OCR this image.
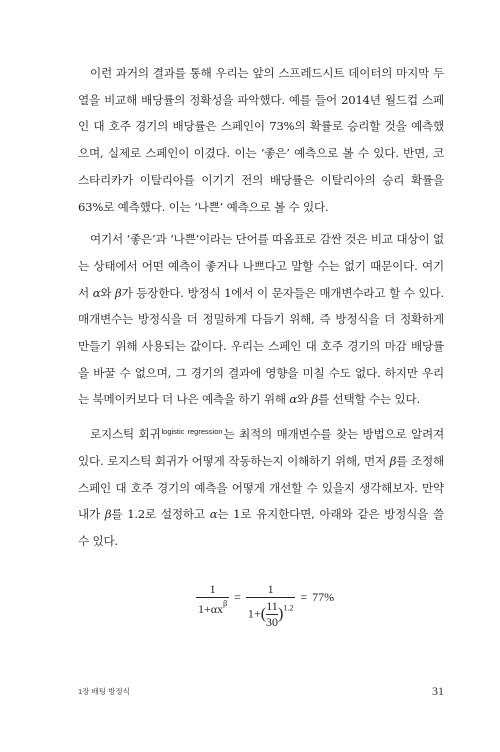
이런 과거의 결과를 통해 우리는 앞의 스프레드시트 데이터의 마지막 두 열을 비교해 배당률의 정확성을 파악했다. 예를 들어 2014년 월드컵 스페인 대 호주 경기의 배당률은 스페인이 73%의 확률로 승리할 것을 예측했으며, 실제로 스페인이 이겼다. 이는 ‘좋은’ 예측으로 볼 수 있다. 반면, 코스타리카가 이탈리아를 이기기 전의 배당률은 이탈리아의 승리 확률을 63%로 예측했다. 이는 ‘나쁜’ 예측으로 볼 수 있다.

여기서 ‘좋은’과 ‘나쁜’이라는 단어를 따옴표로 감싼 것은 비교 대상이 없는 상태에서 어떤 예측이 좋거나 나쁘다고 말할 수는 없기 때문이다. 여기서 α와 β가 등장한다. 방정식 1에서 이 문자들은 매개변수라고 할 수 있다. 매개변수는 방정식을 더 정밀하게 다듬기 위해, 즉 방정식을 더 정확하게 만들기 위해 사용되는 값이다. 우리는 스페인 대 호주 경기의 마감 배당률을 바꿀 수 없으며, 그 경기의 결과에 영향을 미칠 수도 없다. 하지만 우리는 북메이커보다 더 나은 예측을 하기 위해 α와 β를 선택할 수는 있다.

로지스틱 회귀$^{logistic regression}$는 최적의 매개변수를 찾는 방법으로 알려져 있다. 로지스틱 회귀가 어떻게 작동하는지 이해하기 위해, 먼저 β를 조정해 스페인 대 호주 경기의 예측을 어떻게 개선할 수 있을지 생각해보자. 만약 내가 β를 1.2로 설정하고 α는 1로 유지한다면, 아래와 같은 방정식을 쓸 수 있다.

$\frac{1}{1+\alpha x^\beta} = \frac{1}{1+( \frac{11}{30} )^{1.2}} = 77\%$
1장 배팅 방정식	31
